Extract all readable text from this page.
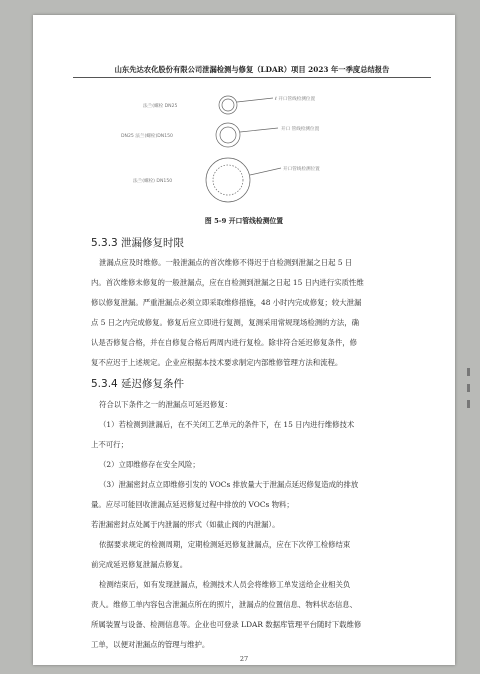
山东先达农化股份有限公司泄漏检测与修复（LDAR）项目 2023 年一季度总结报告
法兰(螺栓 DN25
DN25 法兰(螺栓)DN150
法兰(螺栓) DN150
ℓ 开口管线检测位置
开口 管线检测位置
开口管线检测位置
图 5-9 开口管线检测位置
5.3.3 泄漏修复时限
泄漏点应及时维修。一般泄漏点的首次维修不得迟于自检测到泄漏之日起 5 日
内。首次维修未修复的一般泄漏点，应在自检测到泄漏之日起 15 日内进行实质性维
修以修复泄漏。严重泄漏点必须立即采取维修措施，48 小时内完成修复；较大泄漏
点 5 日之内完成修复。修复后应立即进行复测，复测采用常规现场检测的方法，确
认是否修复合格，并在自修复合格后两周内进行复检。除非符合延迟修复条件，修
复不应迟于上述规定。企业应根据本技术要求制定内部维修管理方法和流程。
5.3.4 延迟修复条件
符合以下条件之一的泄漏点可延迟修复：
（1）若检测到泄漏后，在不关闭工艺单元的条件下，在 15 日内进行维修技术
上不可行；
（2）立即维修存在安全风险；
（3）泄漏密封点立即维修引发的 VOCs 排放量大于泄漏点延迟修复造成的排放
量。应尽可能回收泄漏点延迟修复过程中排放的 VOCs 物料；
若泄漏密封点处属于内泄漏的形式（如截止阀的内泄漏）。
依据要求规定的检测周期，定期检测延迟修复泄漏点，应在下次停工检修结束
前完成延迟修复泄漏点修复。
检测结束后，如有发现泄漏点，检测技术人员会将维修工单发送给企业相关负
责人。维修工单内容包含泄漏点所在的照片，泄漏点的位置信息、物料状态信息、
所属装置与设备、检测信息等。企业也可登录 LDAR 数据库管理平台随时下载维修
工单，以便对泄漏点的管理与维护。
27
